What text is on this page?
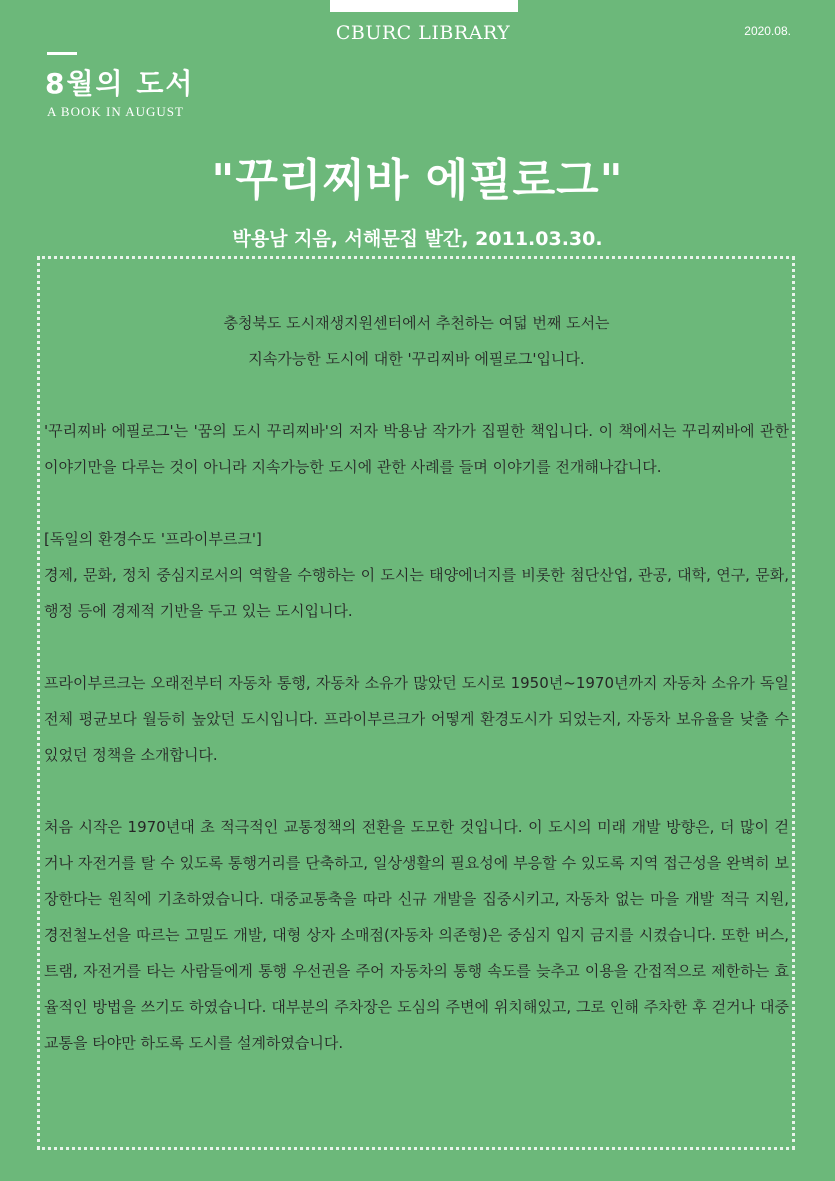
CBURC LIBRARY	2020.08.
8월의 도서
A BOOK IN AUGUST
"꾸리찌바 에필로그"
박용남 지음, 서해문집 발간, 2011.03.30.

충청북도 도시재생지원센터에서 추천하는 여덟 번째 도서는
지속가능한 도시에 대한 '꾸리찌바 에필로그'입니다.

'꾸리찌바 에필로그'는 '꿈의 도시 꾸리찌바'의 저자 박용남 작가가 집필한 책입니다. 이 책에서는 꾸리찌바에 관한 이야기만을 다루는 것이 아니라 지속가능한 도시에 관한 사례를 들며 이야기를 전개해나갑니다.

[독일의 환경수도 '프라이부르크']

경제, 문화, 정치 중심지로서의 역할을 수행하는 이 도시는 태양에너지를 비롯한 첨단산업, 관공, 대학, 연구, 문화, 행정 등에 경제적 기반을 두고 있는 도시입니다.

프라이부르크는 오래전부터 자동차 통행, 자동차 소유가 많았던 도시로 1950년~1970년까지 자동차 소유가 독일 전체 평균보다 월등히 높았던 도시입니다. 프라이부르크가 어떻게 환경도시가 되었는지, 자동차 보유율을 낮출 수 있었던 정책을 소개합니다.

처음 시작은 1970년대 초 적극적인 교통정책의 전환을 도모한 것입니다. 이 도시의 미래 개발 방향은, 더 많이 걷거나 자전거를 탈 수 있도록 통행거리를 단축하고, 일상생활의 필요성에 부응할 수 있도록 지역 접근성을 완벽히 보장한다는 원칙에 기초하였습니다. 대중교통축을 따라 신규 개발을 집중시키고, 자동차 없는 마을 개발 적극 지원, 경전철노선을 따르는 고밀도 개발, 대형 상자 소매점(자동차 의존형)은 중심지 입지 금지를 시켰습니다. 또한 버스, 트램, 자전거를 타는 사람들에게 통행 우선권을 주어 자동차의 통행 속도를 늦추고 이용을 간접적으로 제한하는 효율적인 방법을 쓰기도 하였습니다. 대부분의 주차장은 도심의 주변에 위치해있고, 그로 인해 주차한 후 걷거나 대중교통을 타야만 하도록 도시를 설계하였습니다.
